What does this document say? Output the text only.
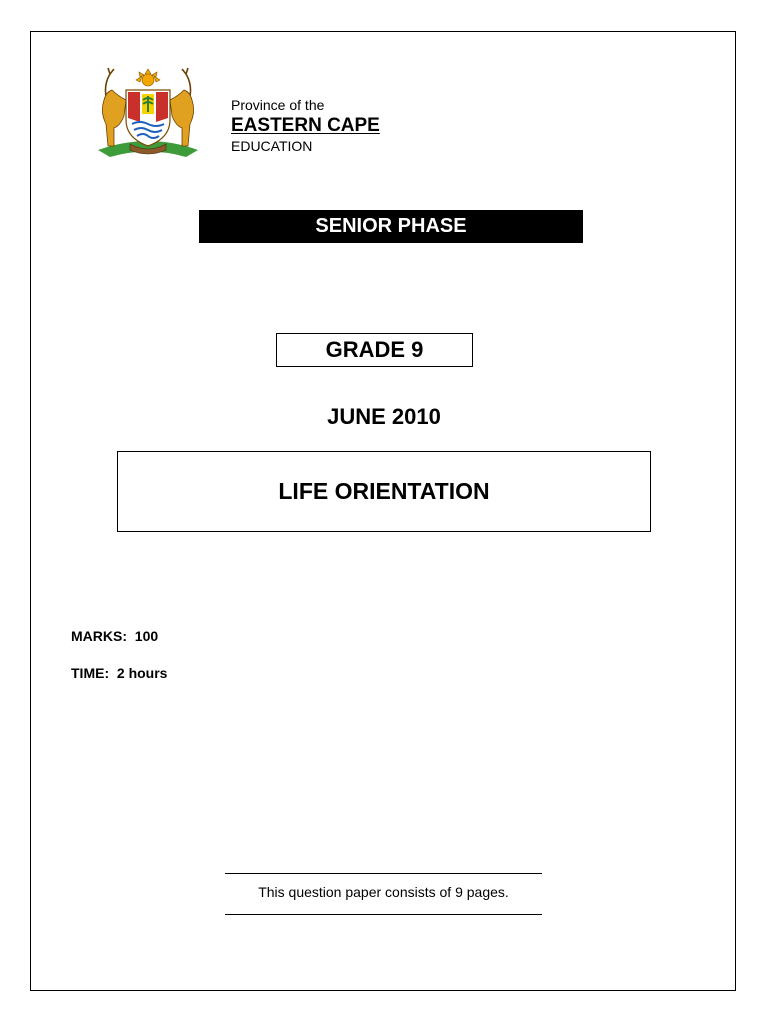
Province of the
EASTERN CAPE
EDUCATION
SENIOR PHASE
GRADE 9
JUNE 2010
LIFE ORIENTATION
MARKS: 100
TIME: 2 hours
This question paper consists of 9 pages.
